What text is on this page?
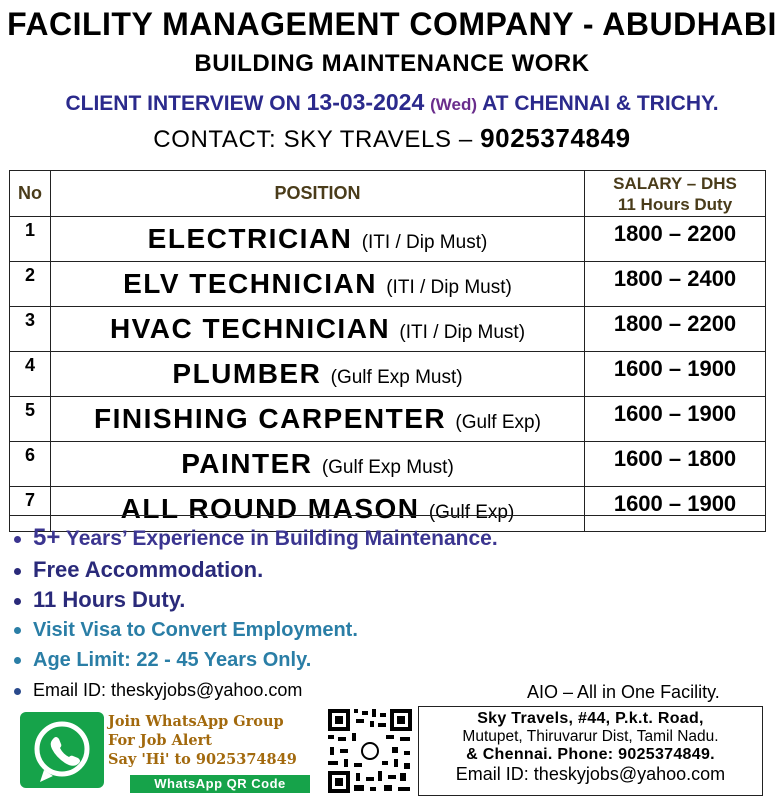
FACILITY MANAGEMENT COMPANY - ABUDHABI
BUILDING MAINTENANCE WORK
CLIENT INTERVIEW ON 13-03-2024 (Wed) AT CHENNAI & TRICHY.
CONTACT: SKY TRAVELS – 9025374849
No	POSITION	SALARY – DHS
11 Hours Duty

1	ELECTRICIAN (ITI / Dip Must)	1800 – 2200
2	ELV TECHNICIAN (ITI / Dip Must)	1800 – 2400
3	HVAC TECHNICIAN (ITI / Dip Must)	1800 – 2200
4	PLUMBER (Gulf Exp Must)	1600 – 1900
5	FINISHING CARPENTER (Gulf Exp)	1600 – 1900
6	PAINTER (Gulf Exp Must)	1600 – 1800
7	ALL ROUND MASON (Gulf Exp)	1600 – 1900
5+ Years’ Experience in Building Maintenance.
Free Accommodation.
11 Hours Duty.
Visit Visa to Convert Employment.
Age Limit: 22 - 45 Years Only.
Email ID: theskyjobs@yahoo.com	AIO – All in One Facility.
Join WhatsApp Group
For Job Alert
Say 'Hi' to 9025374849
WhatsApp QR Code
Sky Travels, #44, P.k.t. Road,
Mutupet, Thiruvarur Dist, Tamil Nadu.
& Chennai. Phone: 9025374849.
Email ID: theskyjobs@yahoo.com
